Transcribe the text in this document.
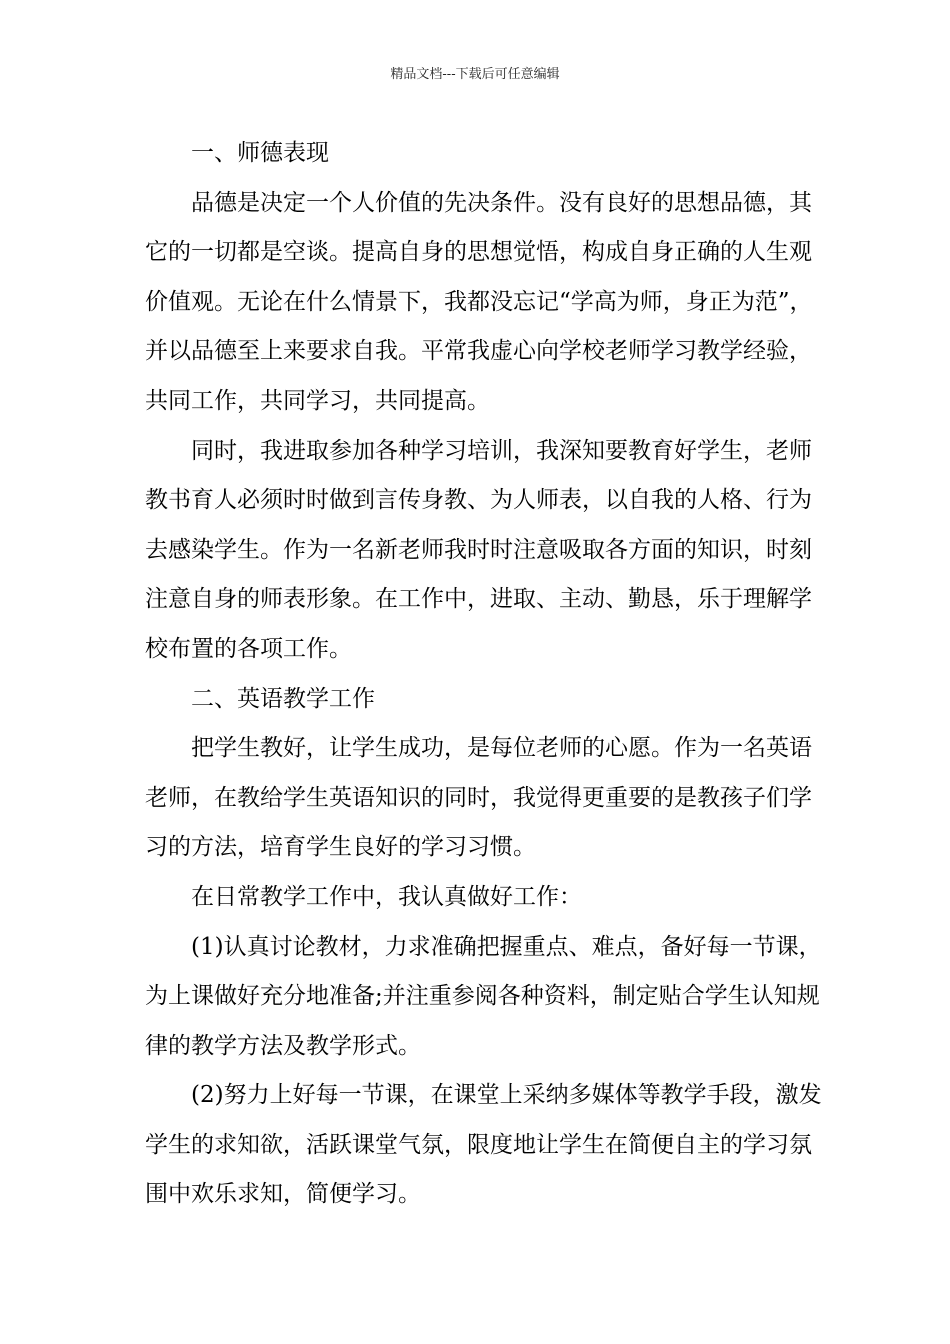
精品文档---下载后可任意编辑
一、师德表现
品德是决定一个人价值的先决条件。没有良好的思想品德，其
它的一切都是空谈。提高自身的思想觉悟，构成自身正确的人生观
价值观。无论在什么情景下，我都没忘记“学高为师，身正为范”，
并以品德至上来要求自我。平常我虚心向学校老师学习教学经验，
共同工作，共同学习，共同提高。
同时，我进取参加各种学习培训，我深知要教育好学生，老师
教书育人必须时时做到言传身教、为人师表，以自我的人格、行为
去感染学生。作为一名新老师我时时注意吸取各方面的知识，时刻
注意自身的师表形象。在工作中，进取、主动、勤恳，乐于理解学
校布置的各项工作。
二、英语教学工作
把学生教好，让学生成功，是每位老师的心愿。作为一名英语
老师，在教给学生英语知识的同时，我觉得更重要的是教孩子们学
习的方法，培育学生良好的学习习惯。
在日常教学工作中，我认真做好工作：
(1)认真讨论教材，力求准确把握重点、难点，备好每一节课，
为上课做好充分地准备;并注重参阅各种资料，制定贴合学生认知规
律的教学方法及教学形式。
(2)努力上好每一节课，在课堂上采纳多媒体等教学手段，激发
学生的求知欲，活跃课堂气氛，限度地让学生在简便自主的学习氛
围中欢乐求知，简便学习。
